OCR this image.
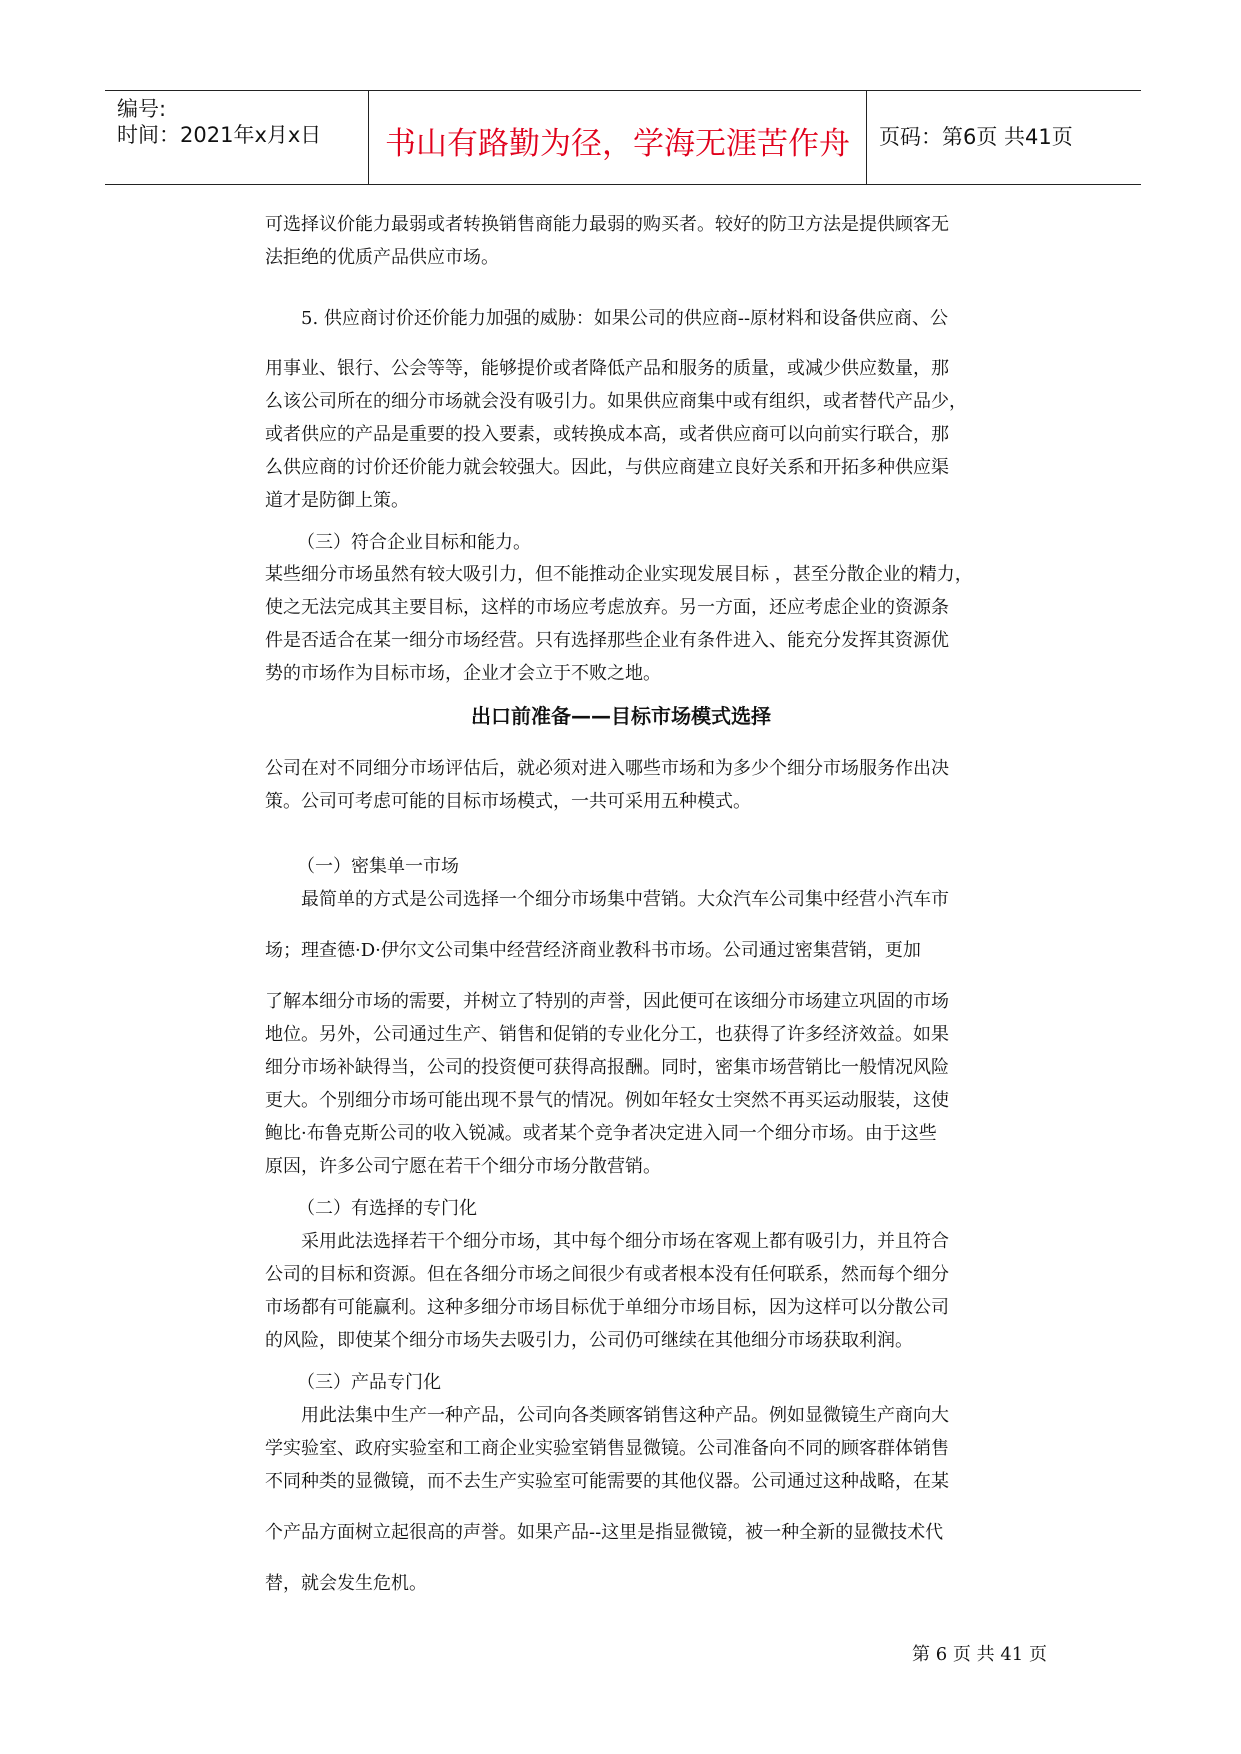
编号:
时间：2021年x月x日	书山有路勤为径，学海无涯苦作舟	页码：第6页 共41页
可选择议价能力最弱或者转换销售商能力最弱的购买者。较好的防卫方法是提供顾客无
法拒绝的优质产品供应市场。
5. 供应商讨价还价能力加强的威胁：如果公司的供应商--原材料和设备供应商、公
用事业、银行、公会等等，能够提价或者降低产品和服务的质量，或减少供应数量，那
么该公司所在的细分市场就会没有吸引力。如果供应商集中或有组织，或者替代产品少，
或者供应的产品是重要的投入要素，或转换成本高，或者供应商可以向前实行联合，那
么供应商的讨价还价能力就会较强大。因此，与供应商建立良好关系和开拓多种供应渠
道才是防御上策。
（三）符合企业目标和能力。
某些细分市场虽然有较大吸引力，但不能推动企业实现发展目标 ，甚至分散企业的精力，
使之无法完成其主要目标，这样的市场应考虑放弃。另一方面，还应考虑企业的资源条
件是否适合在某一细分市场经营。只有选择那些企业有条件进入、能充分发挥其资源优
势的市场作为目标市场，企业才会立于不败之地。
出口前准备——目标市场模式选择
公司在对不同细分市场评估后，就必须对进入哪些市场和为多少个细分市场服务作出决
策。公司可考虑可能的目标市场模式，一共可采用五种模式。
（一）密集单一市场
最简单的方式是公司选择一个细分市场集中营销。大众汽车公司集中经营小汽车市
场；理查德·D·伊尔文公司集中经营经济商业教科书市场。公司通过密集营销，更加
了解本细分市场的需要，并树立了特别的声誉，因此便可在该细分市场建立巩固的市场
地位。另外，公司通过生产、销售和促销的专业化分工，也获得了许多经济效益。如果
细分市场补缺得当，公司的投资便可获得高报酬。同时，密集市场营销比一般情况风险
更大。个别细分市场可能出现不景气的情况。例如年轻女士突然不再买运动服装，这使
鲍比·布鲁克斯公司的收入锐减。或者某个竞争者决定进入同一个细分市场。由于这些
原因，许多公司宁愿在若干个细分市场分散营销。
（二）有选择的专门化
采用此法选择若干个细分市场，其中每个细分市场在客观上都有吸引力，并且符合
公司的目标和资源。但在各细分市场之间很少有或者根本没有任何联系，然而每个细分
市场都有可能赢利。这种多细分市场目标优于单细分市场目标，因为这样可以分散公司
的风险，即使某个细分市场失去吸引力，公司仍可继续在其他细分市场获取利润。
（三）产品专门化
用此法集中生产一种产品，公司向各类顾客销售这种产品。例如显微镜生产商向大
学实验室、政府实验室和工商企业实验室销售显微镜。公司准备向不同的顾客群体销售
不同种类的显微镜，而不去生产实验室可能需要的其他仪器。公司通过这种战略，在某
个产品方面树立起很高的声誉。如果产品--这里是指显微镜，被一种全新的显微技术代
替，就会发生危机。
第 6 页 共 41 页
